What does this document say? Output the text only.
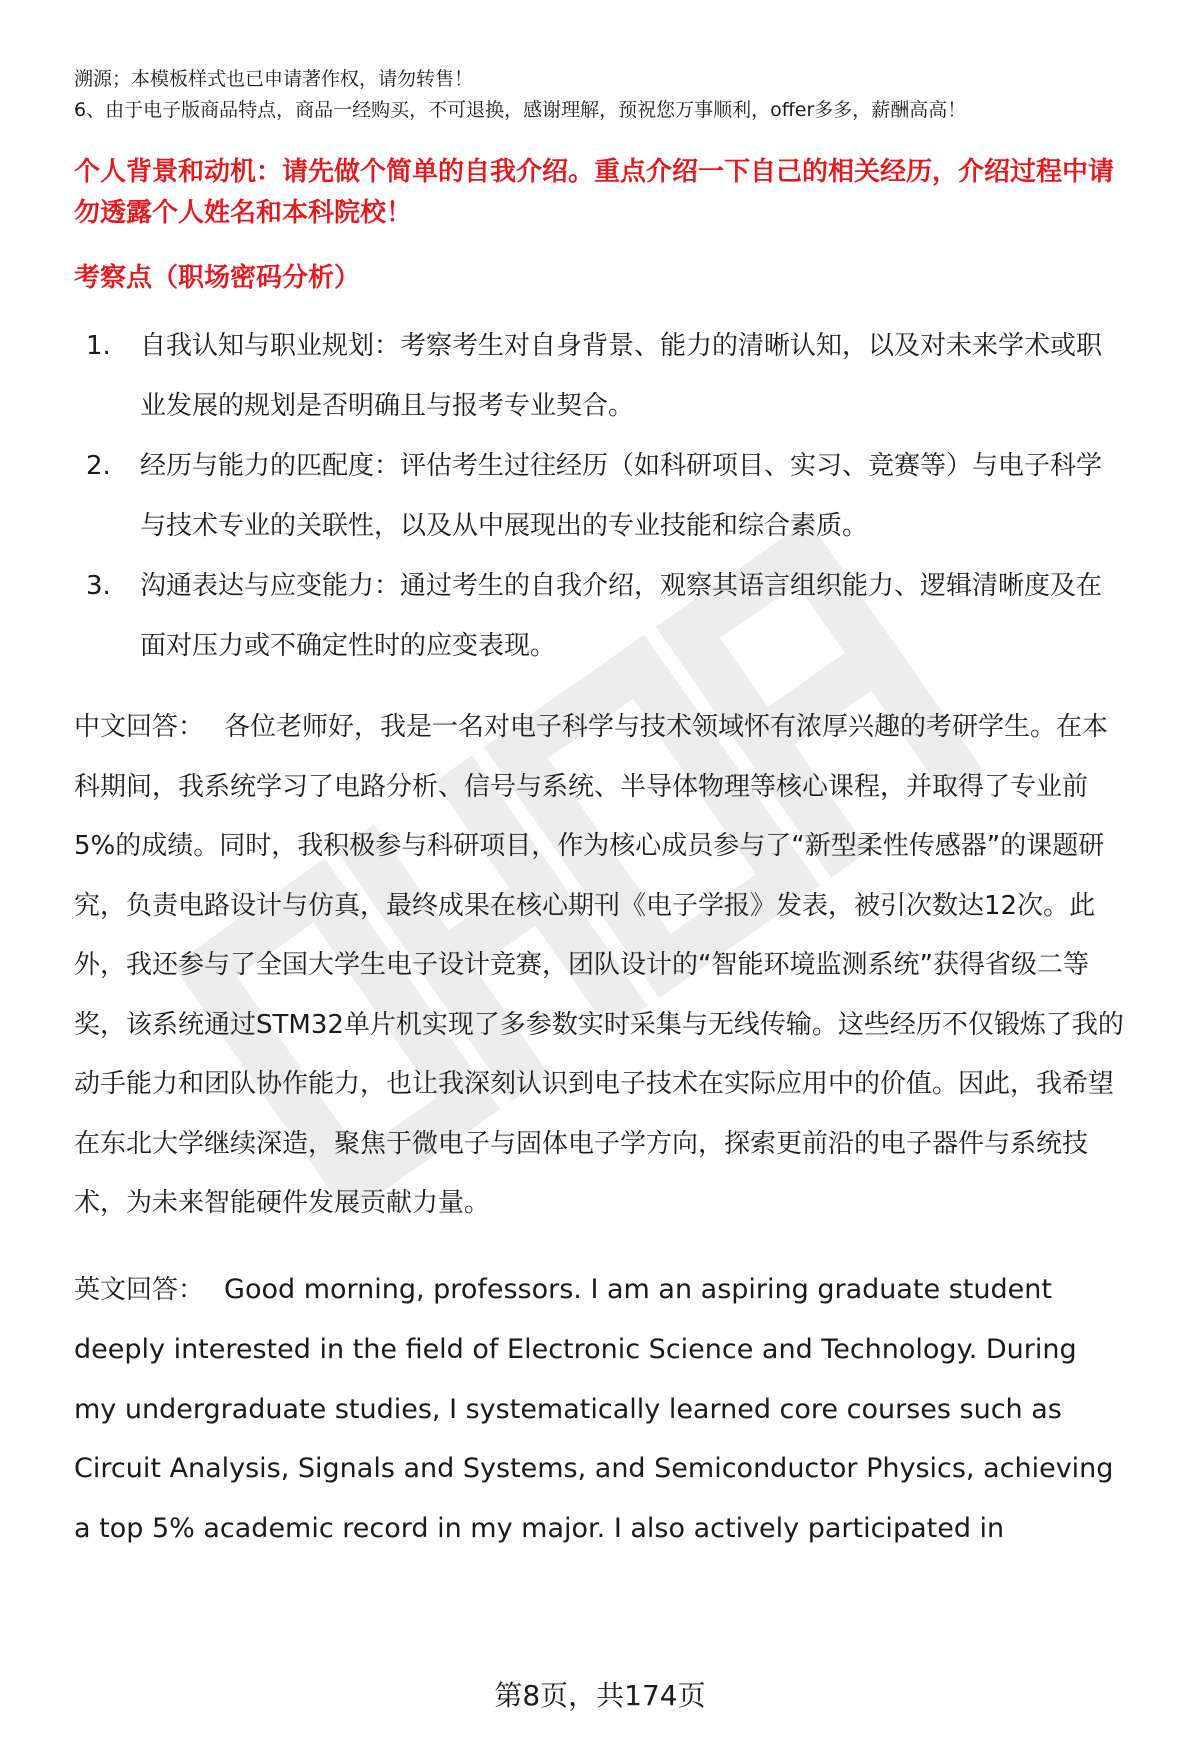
溯源；本模板样式也已申请著作权，请勿转售！

6、由于电子版商品特点，商品一经购买，不可退换，感谢理解，预祝您万事顺利，offer多多，薪酬高高！

个人背景和动机：请先做个简单的自我介绍。重点介绍一下自己的相关经历，介绍过程中请勿透露个人姓名和本科院校！

考察点（职场密码分析）

1.	自我认知与职业规划：考察考生对自身背景、能力的清晰认知，以及对未来学术或职业发展的规划是否明确且与报考专业契合。
2.	经历与能力的匹配度：评估考生过往经历（如科研项目、实习、竞赛等）与电子科学与技术专业的关联性，以及从中展现出的专业技能和综合素质。
3.	沟通表达与应变能力：通过考生的自我介绍，观察其语言组织能力、逻辑清晰度及在面对压力或不确定性时的应变表现。

中文回答： 各位老师好，我是一名对电子科学与技术领域怀有浓厚兴趣的考研学生。在本科期间，我系统学习了电路分析、信号与系统、半导体物理等核心课程，并取得了专业前5%的成绩。同时，我积极参与科研项目，作为核心成员参与了“新型柔性传感器”的课题研究，负责电路设计与仿真，最终成果在核心期刊《电子学报》发表，被引次数达12次。此外，我还参与了全国大学生电子设计竞赛，团队设计的“智能环境监测系统”获得省级二等奖，该系统通过STM32单片机实现了多参数实时采集与无线传输。这些经历不仅锻炼了我的动手能力和团队协作能力，也让我深刻认识到电子技术在实际应用中的价值。因此，我希望在东北大学继续深造，聚焦于微电子与固体电子学方向，探索更前沿的电子器件与系统技术，为未来智能硬件发展贡献力量。

英文回答： Good morning, professors. I am an aspiring graduate student deeply interested in the field of Electronic Science and Technology. During my undergraduate studies, I systematically learned core courses such as Circuit Analysis, Signals and Systems, and Semiconductor Physics, achieving a top 5% academic record in my major. I also actively participated in

第8页，共174页
